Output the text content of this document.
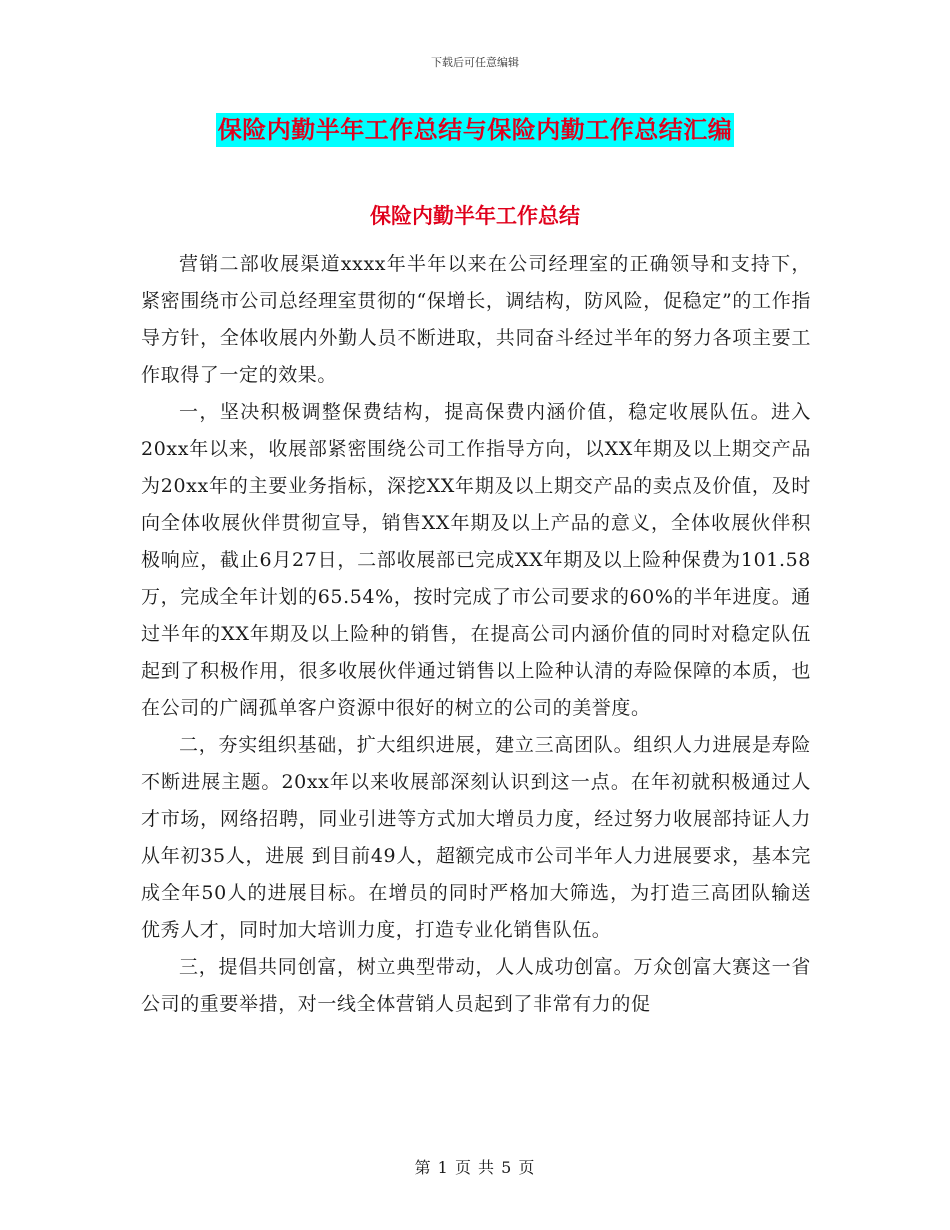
下载后可任意编辑
保险内勤半年工作总结与保险内勤工作总结汇编
保险内勤半年工作总结

营销二部收展渠道xxxx年半年以来在公司经理室的正确领导和支持下，紧密围绕市公司总经理室贯彻的“保增长，调结构，防风险，促稳定”的工作指导方针，全体收展内外勤人员不断进取，共同奋斗经过半年的努力各项主要工作取得了一定的效果。

一，坚决积极调整保费结构，提高保费内涵价值，稳定收展队伍。进入20xx年以来，收展部紧密围绕公司工作指导方向，以XX年期及以上期交产品为20xx年的主要业务指标，深挖XX年期及以上期交产品的卖点及价值，及时向全体收展伙伴贯彻宣导，销售XX年期及以上产品的意义，全体收展伙伴积极响应，截止6月27日，二部收展部已完成XX年期及以上险种保费为101.58万，完成全年计划的65.54%，按时完成了市公司要求的60%的半年进度。通过半年的XX年期及以上险种的销售，在提高公司内涵价值的同时对稳定队伍起到了积极作用，很多收展伙伴通过销售以上险种认清的寿险保障的本质，也在公司的广阔孤单客户资源中很好的树立的公司的美誉度。

二，夯实组织基础，扩大组织进展，建立三高团队。组织人力进展是寿险不断进展主题。20xx年以来收展部深刻认识到这一点。在年初就积极通过人才市场，网络招聘，同业引进等方式加大增员力度，经过努力收展部持证人力从年初35人，进展 到目前49人，超额完成市公司半年人力进展要求，基本完成全年50人的进展目标。在增员的同时严格加大筛选，为打造三高团队输送优秀人才，同时加大培训力度，打造专业化销售队伍。

三，提倡共同创富，树立典型带动，人人成功创富。万众创富大赛这一省公司的重要举措，对一线全体营销人员起到了非常有力的促

第 1 页 共 5 页
